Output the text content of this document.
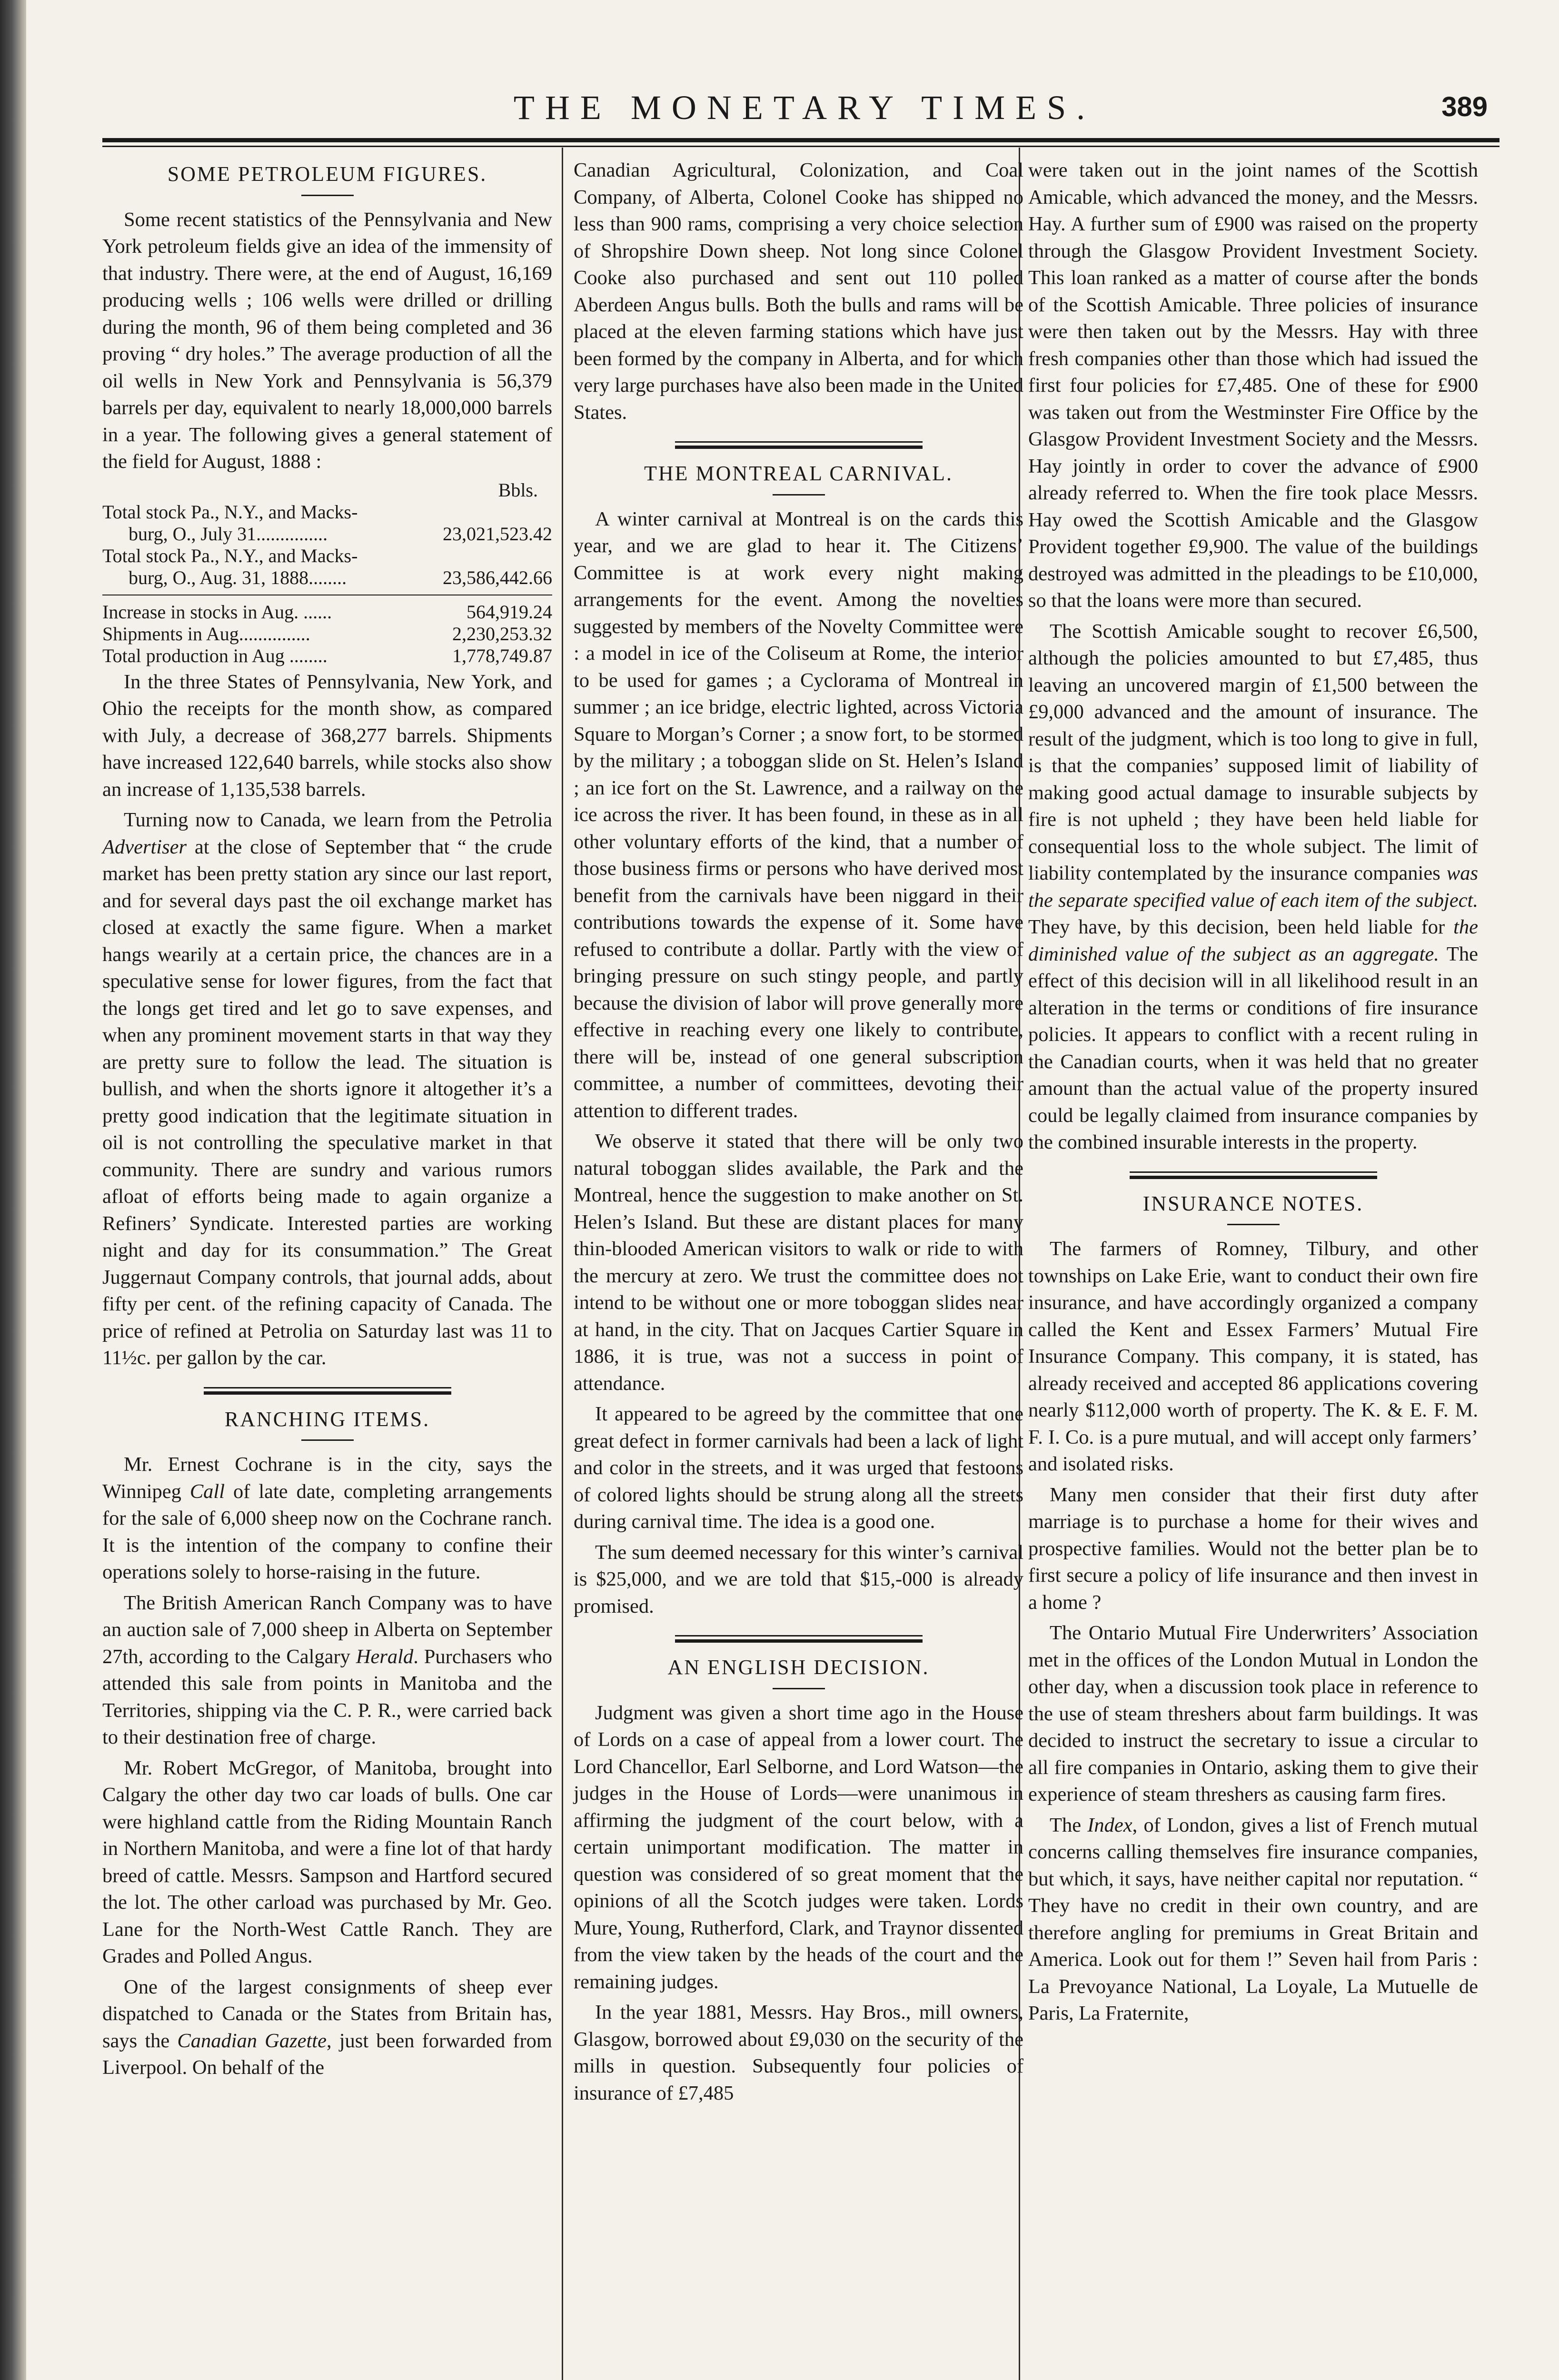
THE MONETARY TIMES.	389
SOME PETROLEUM FIGURES.

Some recent statistics of the Pennsylvania and New York petroleum fields give an idea of the immensity of that industry. There were, at the end of August, 16,169 producing wells ; 106 wells were drilled or drilling during the month, 96 of them being completed and 36 proving “ dry holes.” The average production of all the oil wells in New York and Pennsylvania is 56,379 barrels per day, equivalent to nearly 18,000,000 barrels in a year. The following gives a general statement of the field for August, 1888 :

Bbls.
Total stock Pa., N.Y., and Macks-
burg, O., July 31...............	23,021,523.42
Total stock Pa., N.Y., and Macks-
burg, O., Aug. 31, 1888........	23,586,442.66
Increase in stocks in Aug. ......	564,919.24
Shipments in Aug...............	2,230,253.32
Total production in Aug ........	1,778,749.87

In the three States of Pennsylvania, New York, and Ohio the receipts for the month show, as compared with July, a decrease of 368,277 barrels. Shipments have increased 122,640 barrels, while stocks also show an increase of 1,135,538 barrels.

Turning now to Canada, we learn from the Petrolia Advertiser at the close of September that “ the crude market has been pretty station ary since our last report, and for several days past the oil exchange market has closed at exactly the same figure. When a market hangs wearily at a certain price, the chances are in a speculative sense for lower figures, from the fact that the longs get tired and let go to save expenses, and when any prominent movement starts in that way they are pretty sure to follow the lead. The situation is bullish, and when the shorts ignore it altogether it’s a pretty good indication that the legitimate situation in oil is not controlling the speculative market in that community. There are sundry and various rumors afloat of efforts being made to again organize a Refiners’ Syndicate. Interested parties are working night and day for its consummation.” The Great Juggernaut Company controls, that journal adds, about fifty per cent. of the refining capacity of Canada. The price of refined at Petrolia on Saturday last was 11 to 11½c. per gallon by the car.

RANCHING ITEMS.

Mr. Ernest Cochrane is in the city, says the Winnipeg Call of late date, completing arrangements for the sale of 6,000 sheep now on the Cochrane ranch. It is the intention of the company to confine their operations solely to horse-raising in the future.

The British American Ranch Company was to have an auction sale of 7,000 sheep in Alberta on September 27th, according to the Calgary Herald. Purchasers who attended this sale from points in Manitoba and the Territories, shipping via the C. P. R., were carried back to their destination free of charge.

Mr. Robert McGregor, of Manitoba, brought into Calgary the other day two car loads of bulls. One car were highland cattle from the Riding Mountain Ranch in Northern Manitoba, and were a fine lot of that hardy breed of cattle. Messrs. Sampson and Hartford secured the lot. The other carload was purchased by Mr. Geo. Lane for the North-West Cattle Ranch. They are Grades and Polled Angus.

One of the largest consignments of sheep ever dispatched to Canada or the States from Britain has, says the Canadian Gazette, just been forwarded from Liverpool. On behalf of the

Canadian Agricultural, Colonization, and Coal Company, of Alberta, Colonel Cooke has shipped no less than 900 rams, comprising a very choice selection of Shropshire Down sheep. Not long since Colonel Cooke also purchased and sent out 110 polled Aberdeen Angus bulls. Both the bulls and rams will be placed at the eleven farming stations which have just been formed by the company in Alberta, and for which very large purchases have also been made in the United States.

THE MONTREAL CARNIVAL.

A winter carnival at Montreal is on the cards this year, and we are glad to hear it. The Citizens’ Committee is at work every night making arrangements for the event. Among the novelties suggested by members of the Novelty Committee were : a model in ice of the Coliseum at Rome, the interior to be used for games ; a Cyclorama of Montreal in summer ; an ice bridge, electric lighted, across Victoria Square to Morgan’s Corner ; a snow fort, to be stormed by the military ; a toboggan slide on St. Helen’s Island ; an ice fort on the St. Lawrence, and a railway on the ice across the river. It has been found, in these as in all other voluntary efforts of the kind, that a number of those business firms or persons who have derived most benefit from the carnivals have been niggard in their contributions towards the expense of it. Some have refused to contribute a dollar. Partly with the view of bringing pressure on such stingy people, and partly because the division of labor will prove generally more effective in reaching every one likely to contribute, there will be, instead of one general subscription committee, a number of committees, devoting their attention to different trades.

We observe it stated that there will be only two natural toboggan slides available, the Park and the Montreal, hence the suggestion to make another on St. Helen’s Island. But these are distant places for many thin-blooded American visitors to walk or ride to with the mercury at zero. We trust the committee does not intend to be without one or more toboggan slides near at hand, in the city. That on Jacques Cartier Square in 1886, it is true, was not a success in point of attendance.

It appeared to be agreed by the committee that one great defect in former carnivals had been a lack of light and color in the streets, and it was urged that festoons of colored lights should be strung along all the streets during carnival time. The idea is a good one.

The sum deemed necessary for this winter’s carnival is $25,000, and we are told that $15,-000 is already promised.

AN ENGLISH DECISION.

Judgment was given a short time ago in the House of Lords on a case of appeal from a lower court. The Lord Chancellor, Earl Selborne, and Lord Watson—the judges in the House of Lords—were unanimous in affirming the judgment of the court below, with a certain unimportant modification. The matter in question was considered of so great moment that the opinions of all the Scotch judges were taken. Lords Mure, Young, Rutherford, Clark, and Traynor dissented from the view taken by the heads of the court and the remaining judges.

In the year 1881, Messrs. Hay Bros., mill owners, Glasgow, borrowed about £9,030 on the security of the mills in question. Subsequently four policies of insurance of £7,485

were taken out in the joint names of the Scottish Amicable, which advanced the money, and the Messrs. Hay. A further sum of £900 was raised on the property through the Glasgow Provident Investment Society. This loan ranked as a matter of course after the bonds of the Scottish Amicable. Three policies of insurance were then taken out by the Messrs. Hay with three fresh companies other than those which had issued the first four policies for £7,485. One of these for £900 was taken out from the Westminster Fire Office by the Glasgow Provident Investment Society and the Messrs. Hay jointly in order to cover the advance of £900 already referred to. When the fire took place Messrs. Hay owed the Scottish Amicable and the Glasgow Provident together £9,900. The value of the buildings destroyed was admitted in the pleadings to be £10,000, so that the loans were more than secured.

The Scottish Amicable sought to recover £6,500, although the policies amounted to but £7,485, thus leaving an uncovered margin of £1,500 between the £9,000 advanced and the amount of insurance. The result of the judgment, which is too long to give in full, is that the companies’ supposed limit of liability of making good actual damage to insurable subjects by fire is not upheld ; they have been held liable for consequential loss to the whole subject. The limit of liability contemplated by the insurance companies was the separate specified value of each item of the subject. They have, by this decision, been held liable for the diminished value of the subject as an aggregate. The effect of this decision will in all likelihood result in an alteration in the terms or conditions of fire insurance policies. It appears to conflict with a recent ruling in the Canadian courts, when it was held that no greater amount than the actual value of the property insured could be legally claimed from insurance companies by the combined insurable interests in the property.

INSURANCE NOTES.

The farmers of Romney, Tilbury, and other townships on Lake Erie, want to conduct their own fire insurance, and have accordingly organized a company called the Kent and Essex Farmers’ Mutual Fire Insurance Company. This company, it is stated, has already received and accepted 86 applications covering nearly $112,000 worth of property. The K. & E. F. M. F. I. Co. is a pure mutual, and will accept only farmers’ and isolated risks.

Many men consider that their first duty after marriage is to purchase a home for their wives and prospective families. Would not the better plan be to first secure a policy of life insurance and then invest in a home ?

The Ontario Mutual Fire Underwriters’ Association met in the offices of the London Mutual in London the other day, when a discussion took place in reference to the use of steam threshers about farm buildings. It was decided to instruct the secretary to issue a circular to all fire companies in Ontario, asking them to give their experience of steam threshers as causing farm fires.

The Index, of London, gives a list of French mutual concerns calling themselves fire insurance companies, but which, it says, have neither capital nor reputation. “ They have no credit in their own country, and are therefore angling for premiums in Great Britain and America. Look out for them !” Seven hail from Paris : La Prevoyance National, La Loyale, La Mutuelle de Paris, La Fraternite,
